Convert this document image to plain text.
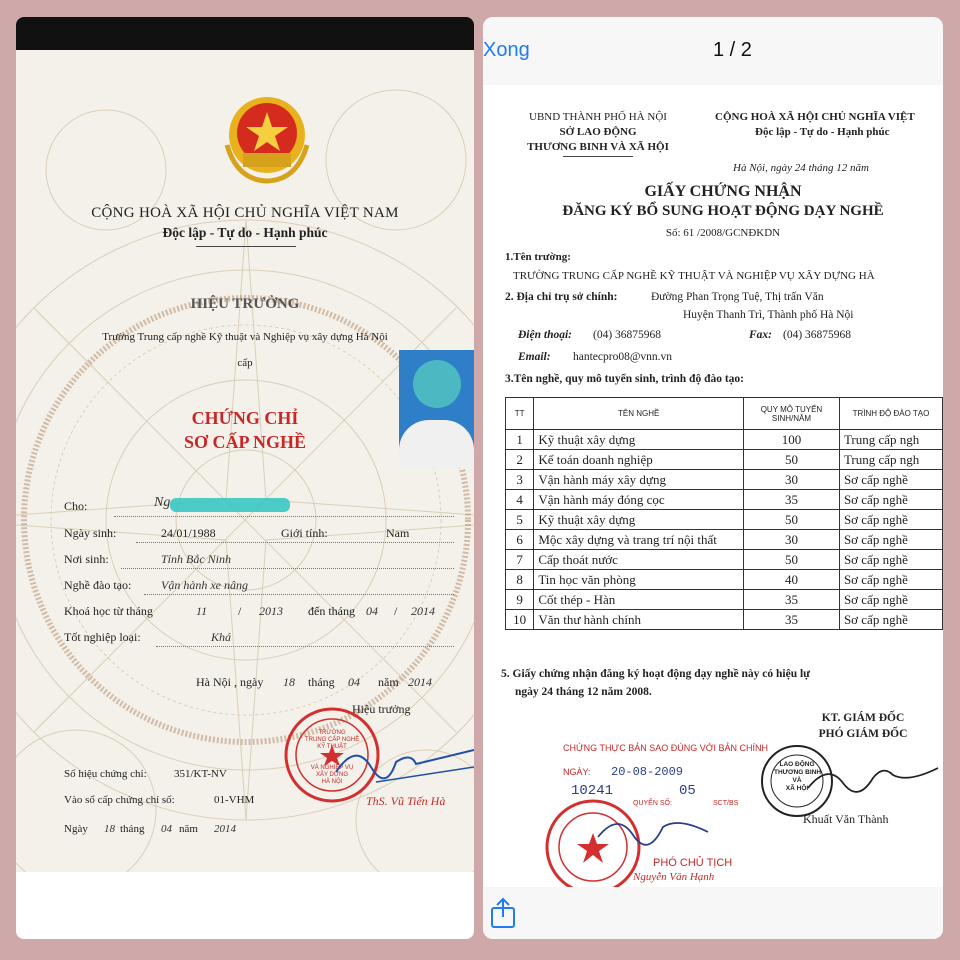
CỘNG HOÀ XÃ HỘI CHỦ NGHĨA VIỆT NAM
Độc lập - Tự do - Hạnh phúc
HIỆU TRƯỞNG
Trường Trung cấp nghề Kỹ thuật và Nghiệp vụ xây dựng Hà Nội
cấp
CHỨNG CHỈ
SƠ CẤP NGHỀ
Cho:	Ng
Ngày sinh:	24/01/1988	Giới tính:	Nam
Nơi sinh:	Tỉnh Bắc Ninh
Nghề đào tạo: Vận hành xe nâng
Khoá học từ tháng	11	/ 2013 đến tháng 04 / 2014
Tốt nghiệp loại:	Khá
Hà Nội , ngày 18 tháng 04 năm 2014
Hiệu trưởng
TRƯỜNG
TRUNG CẤP NGHỀ
KỸ THUẬT

VÀ NGHIỆP VỤ
XÂY DỰNG
HÀ NỘI
ThS. Vũ Tiến Hà
Số hiệu chứng chỉ: 351/KT-NV
Vào sổ cấp chứng chỉ số:	01-VHM
Ngày 18 tháng 04 năm 2014
Xong	1 / 2
UBND THÀNH PHỐ HÀ NỘI
SỞ LAO ĐỘNG
THƯƠNG BINH VÀ XÃ HỘI
CỘNG HOÀ XÃ HỘI CHỦ NGHĨA VIỆT
Độc lập - Tự do - Hạnh phúc
Hà Nội, ngày 24 tháng 12 năm
GIẤY CHỨNG NHẬN
ĐĂNG KÝ BỔ SUNG HOẠT ĐỘNG DẠY NGHỀ
Số: 61 /2008/GCNĐKDN
1.Tên trường:
TRƯỜNG TRUNG CẤP NGHỀ KỸ THUẬT VÀ NGHIỆP VỤ XÂY DỰNG HÀ
2. Địa chỉ trụ sở chính:	Đường Phan Trọng Tuệ, Thị trấn Văn
Huyện Thanh Trì, Thành phố Hà Nội
Điện thoại: (04) 36875968	Fax: (04) 36875968
Email: hantecpro08@vnn.vn
3.Tên nghề, quy mô tuyển sinh, trình độ đào tạo:
TT	TÊN NGHỀ	QUY MÔ TUYỂN SINH/NĂM	TRÌNH ĐỘ ĐÀO TẠO
1	Kỹ thuật xây dựng	100	Trung cấp ngh
2	Kế toán doanh nghiệp	50	Trung cấp ngh
3	Vận hành máy xây dựng	30	Sơ cấp nghề
4	Vận hành máy đóng cọc	35	Sơ cấp nghề
5	Kỹ thuật xây dựng	50	Sơ cấp nghề
6	Mộc xây dựng và trang trí nội thất	30	Sơ cấp nghề
7	Cấp thoát nước	50	Sơ cấp nghề
8	Tin học văn phòng	40	Sơ cấp nghề
9	Cốt thép - Hàn	35	Sơ cấp nghề
10	Văn thư hành chính	35	Sơ cấp nghề
5. Giấy chứng nhận đăng ký hoạt động dạy nghề này có hiệu lự
ngày 24 tháng 12 năm 2008.
KT. GIÁM ĐỐC
PHÓ GIÁM ĐỐC
CHỨNG THỰC BẢN SAO ĐÚNG VỚI BẢN CHÍNH
NGÀY: 20-08-2009
10241
QUYỂN SỐ:
05
SCT/BS
LAO ĐỘNG
THƯƠNG BINH
VÀ
XÃ HỘI
Khuất Văn Thành
PHÓ CHỦ TỊCH
Nguyễn Văn Hạnh
